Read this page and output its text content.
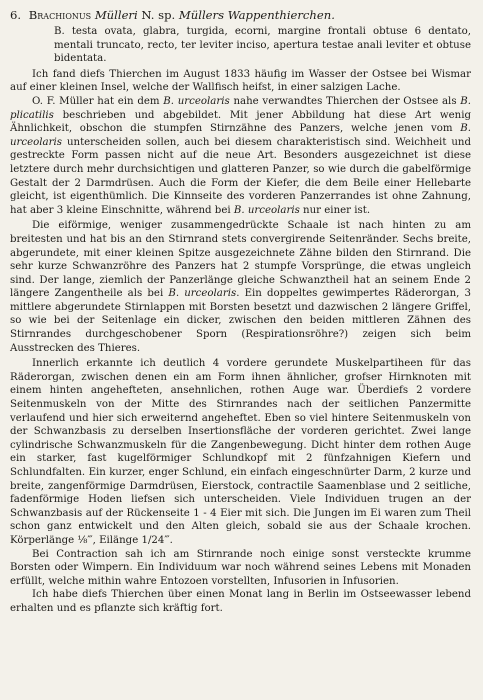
6. Brachionus Mülleri N. sp. Müllers Wappenthierchen.

B. testa ovata, glabra, turgida, ecorni, margine frontali obtuse 6 dentato, mentali truncato, recto, ter leviter inciso, apertura testae anali leviter et obtuse bidentata.

Ich fand diefs Thierchen im August 1833 häufig im Wasser der Ostsee bei Wismar auf einer kleinen Insel, welche der Wallfisch heifst, in einer salzigen Lache.

O. F. Müller hat ein dem B. urceolaris nahe verwandtes Thierchen der Ostsee als B. plicatilis beschrieben und abgebildet. Mit jener Abbildung hat diese Art wenig Ähnlichkeit, obschon die stumpfen Stirnzähne des Panzers, welche jenen vom B. urceolaris unterscheiden sollen, auch bei diesem charakteristisch sind. Weichheit und gestreckte Form passen nicht auf die neue Art. Besonders ausgezeichnet ist diese letztere durch mehr durchsichtigen und glatteren Panzer, so wie durch die gabelförmige Gestalt der 2 Darmdrüsen. Auch die Form der Kiefer, die dem Beile einer Hellebarte gleicht, ist eigenthümlich. Die Kinnseite des vorderen Panzerrandes ist ohne Zahnung, hat aber 3 kleine Einschnitte, während bei B. urceolaris nur einer ist.

Die eiförmige, weniger zusammengedrückte Schaale ist nach hinten zu am breitesten und hat bis an den Stirnrand stets convergirende Seitenränder. Sechs breite, abgerundete, mit einer kleinen Spitze ausgezeichnete Zähne bilden den Stirnrand. Die sehr kurze Schwanzröhre des Panzers hat 2 stumpfe Vorsprünge, die etwas ungleich sind. Der lange, ziemlich der Panzerlänge gleiche Schwanztheil hat an seinem Ende 2 längere Zangentheile als bei B. urceolaris. Ein doppeltes gewimpertes Räderorgan, 3 mittlere abgerundete Stirnlappen mit Borsten besetzt und dazwischen 2 längere Griffel, so wie bei der Seitenlage ein dicker, zwischen den beiden mittleren Zähnen des Stirnrandes durchgeschobener Sporn (Respirationsröhre?) zeigen sich beim Ausstrecken des Thieres.

Innerlich erkannte ich deutlich 4 vordere gerundete Muskelpartiheen für das Räderorgan, zwischen denen ein am Form ihnen ähnlicher, grofser Hirnknoten mit einem hinten angehefteten, ansehnlichen, rothen Auge war. Überdiefs 2 vordere Seitenmuskeln von der Mitte des Stirnrandes nach der seitlichen Panzermitte verlaufend und hier sich erweiternd angeheftet. Eben so viel hintere Seitenmuskeln von der Schwanzbasis zu derselben Insertionsfläche der vorderen gerichtet. Zwei lange cylindrische Schwanzmuskeln für die Zangenbewegung. Dicht hinter dem rothen Auge ein starker, fast kugelförmiger Schlundkopf mit 2 fünfzahnigen Kiefern und Schlundfalten. Ein kurzer, enger Schlund, ein einfach eingeschnürter Darm, 2 kurze und breite, zangenförmige Darmdrüsen, Eierstock, contractile Saamenblase und 2 seitliche, fadenförmige Hoden liefsen sich unterscheiden. Viele Individuen trugen an der Schwanzbasis auf der Rückenseite 1 - 4 Eier mit sich. Die Jungen im Ei waren zum Theil schon ganz entwickelt und den Alten gleich, sobald sie aus der Schaale krochen. Körperlänge ⅛‴, Eilänge 1/24‴.

Bei Contraction sah ich am Stirnrande noch einige sonst versteckte krumme Borsten oder Wimpern. Ein Individuum war noch während seines Lebens mit Monaden erfüllt, welche mithin wahre Entozoen vorstellten, Infusorien in Infusorien.

Ich habe diefs Thierchen über einen Monat lang in Berlin im Ostseewasser lebend erhalten und es pflanzte sich kräftig fort.
